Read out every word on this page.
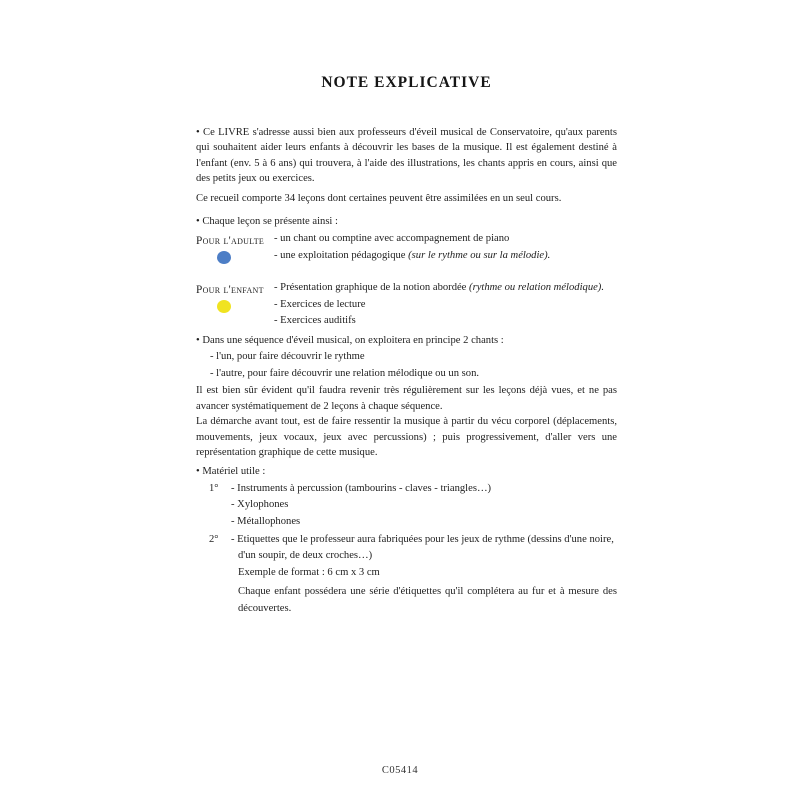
NOTE EXPLICATIVE

• Ce LIVRE s'adresse aussi bien aux professeurs d'éveil musical de Conservatoire, qu'aux parents qui souhaitent aider leurs enfants à découvrir les bases de la musique. Il est également destiné à l'enfant (env. 5 à 6 ans) qui trouvera, à l'aide des illustrations, les chants appris en cours, ainsi que des petits jeux ou exercices.

Ce recueil comporte 34 leçons dont certaines peuvent être assimilées en un seul cours.

• Chaque leçon se présente ainsi :

Pour l'adulte - un chant ou comptine avec accompagnement de piano
- une exploitation pédagogique (sur le rythme ou sur la mélodie).
Pour l'enfant - Présentation graphique de la notion abordée (rythme ou relation mélodique).
- Exercices de lecture
- Exercices auditifs

• Dans une séquence d'éveil musical, on exploitera en principe 2 chants :

- l'un, pour faire découvrir le rythme
- l'autre, pour faire découvrir une relation mélodique ou un son.

Il est bien sûr évident qu'il faudra revenir très régulièrement sur les leçons déjà vues, et ne pas avancer systématiquement de 2 leçons à chaque séquence.

La démarche avant tout, est de faire ressentir la musique à partir du vécu corporel (déplacements, mouvements, jeux vocaux, jeux avec percussions) ; puis progressivement, d'aller vers une représentation graphique de cette musique.

• Matériel utile :

1°	- Instruments à percussion (tambourins - claves - triangles…)
- Xylophones
- Métallophones
2°	- Etiquettes que le professeur aura fabriquées pour les jeux de rythme (dessins d'une noire, d'un soupir, de deux croches…)
Exemple de format : 6 cm x 3 cm
Chaque enfant possédera une série d'étiquettes qu'il complétera au fur et à mesure des découvertes.
C05414
